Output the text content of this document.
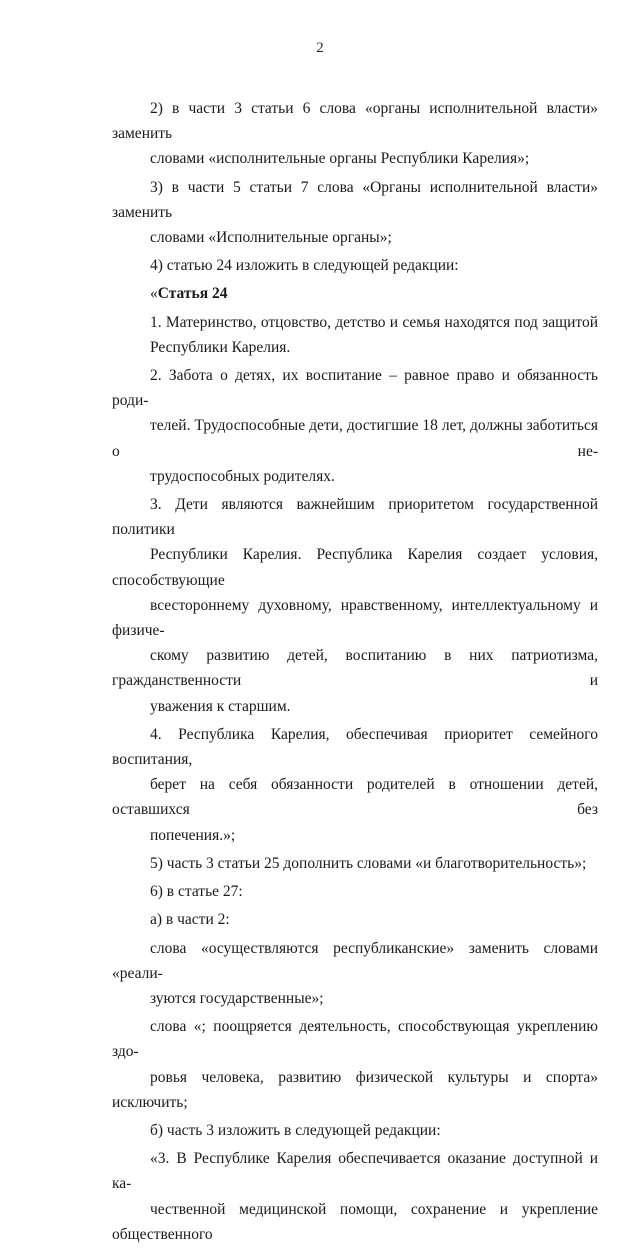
2
2) в части 3 статьи 6 слова «органы исполнительной власти» заменить
словами «исполнительные органы Республики Карелия»;
3) в части 5 статьи 7 слова «Органы исполнительной власти» заменить
словами «Исполнительные органы»;
4) статью 24 изложить в следующей редакции:
«Статья 24
1. Материнство, отцовство, детство и семья находятся под защитой
Республики Карелия.
2. Забота о детях, их воспитание – равное право и обязанность роди-
телей. Трудоспособные дети, достигшие 18 лет, должны заботиться о не-
трудоспособных родителях.
3. Дети являются важнейшим приоритетом государственной политики
Республики Карелия. Республика Карелия создает условия, способствующие
всестороннему духовному, нравственному, интеллектуальному и физиче-
скому развитию детей, воспитанию в них патриотизма, гражданственности и
уважения к старшим.
4. Республика Карелия, обеспечивая приоритет семейного воспитания,
берет на себя обязанности родителей в отношении детей, оставшихся без
попечения.»;
5) часть 3 статьи 25 дополнить словами «и благотворительность»;
6) в статье 27:
а) в части 2:
слова «осуществляются республиканские» заменить словами «реали-
зуются государственные»;
слова «; поощряется деятельность, способствующая укреплению здо-
ровья человека, развитию физической культуры и спорта» исключить;
б) часть 3 изложить в следующей редакции:
«3. В Республике Карелия обеспечивается оказание доступной и ка-
чественной медицинской помощи, сохранение и укрепление общественного
